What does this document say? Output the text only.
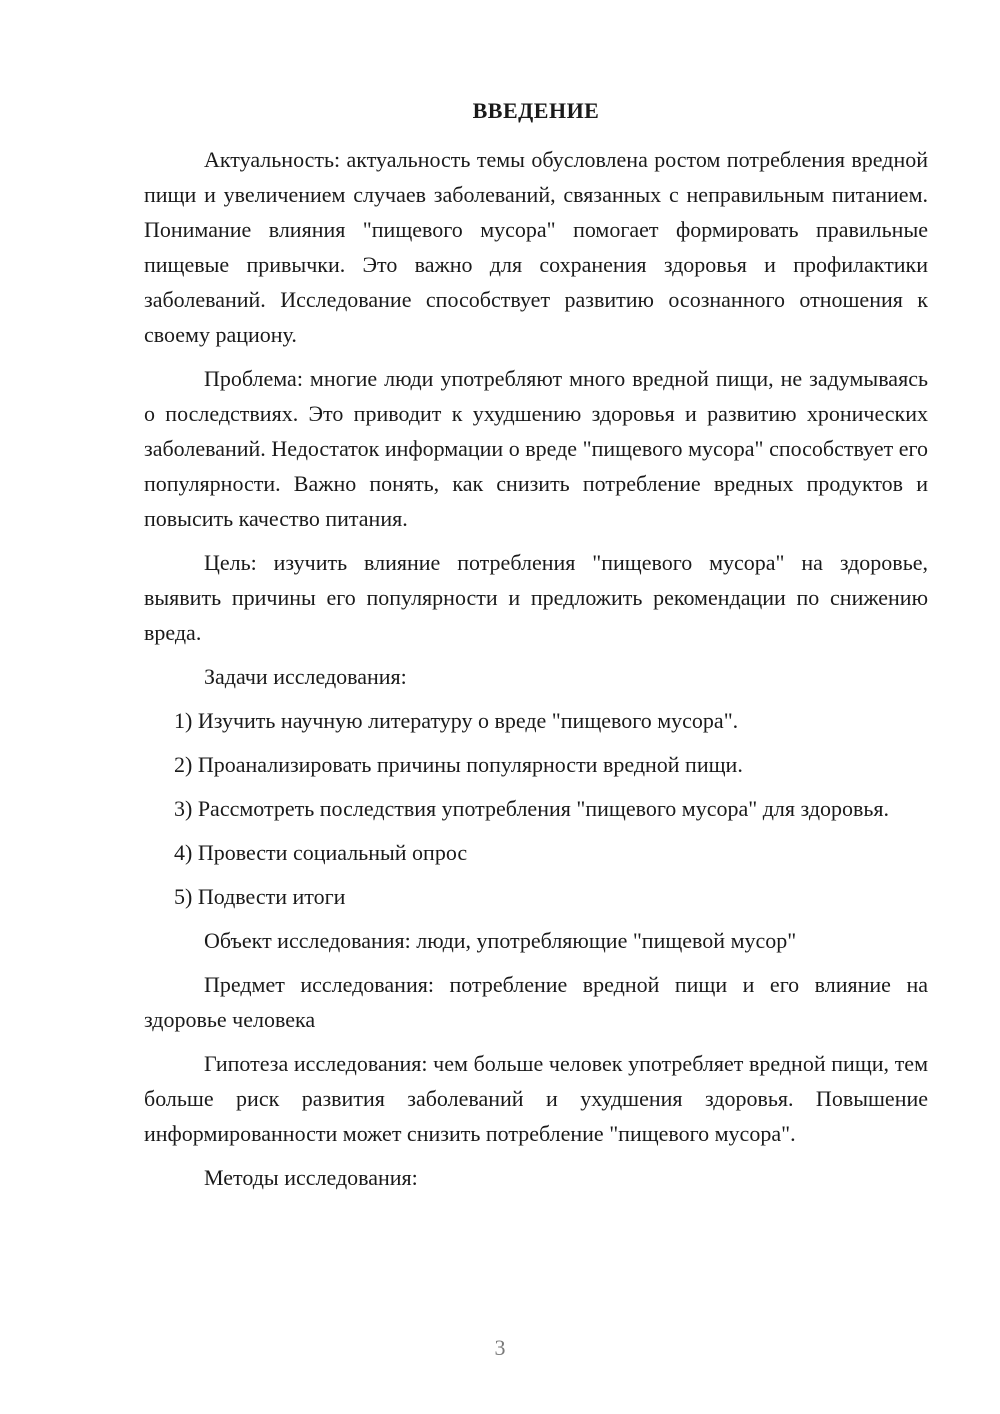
ВВЕДЕНИЕ

Актуальность: актуальность темы обусловлена ростом потребления вредной пищи и увеличением случаев заболеваний, связанных с неправильным питанием. Понимание влияния "пищевого мусора" помогает формировать правильные пищевые привычки. Это важно для сохранения здоровья и профилактики заболеваний. Исследование способствует развитию осознанного отношения к своему рациону.

Проблема: многие люди употребляют много вредной пищи, не задумываясь о последствиях. Это приводит к ухудшению здоровья и развитию хронических заболеваний. Недостаток информации о вреде "пищевого мусора" способствует его популярности. Важно понять, как снизить потребление вредных продуктов и повысить качество питания.

Цель: изучить влияние потребления "пищевого мусора" на здоровье, выявить причины его популярности и предложить рекомендации по снижению вреда.

Задачи исследования:

1) Изучить научную литературу о вреде "пищевого мусора".

2) Проанализировать причины популярности вредной пищи.

3) Рассмотреть последствия употребления "пищевого мусора" для здоровья.

4) Провести социальный опрос

5) Подвести итоги

Объект исследования: люди, употребляющие "пищевой мусор"

Предмет исследования: потребление вредной пищи и его влияние на здоровье человека

Гипотеза исследования: чем больше человек употребляет вредной пищи, тем больше риск развития заболеваний и ухудшения здоровья. Повышение информированности может снизить потребление "пищевого мусора".

Методы исследования:

3
